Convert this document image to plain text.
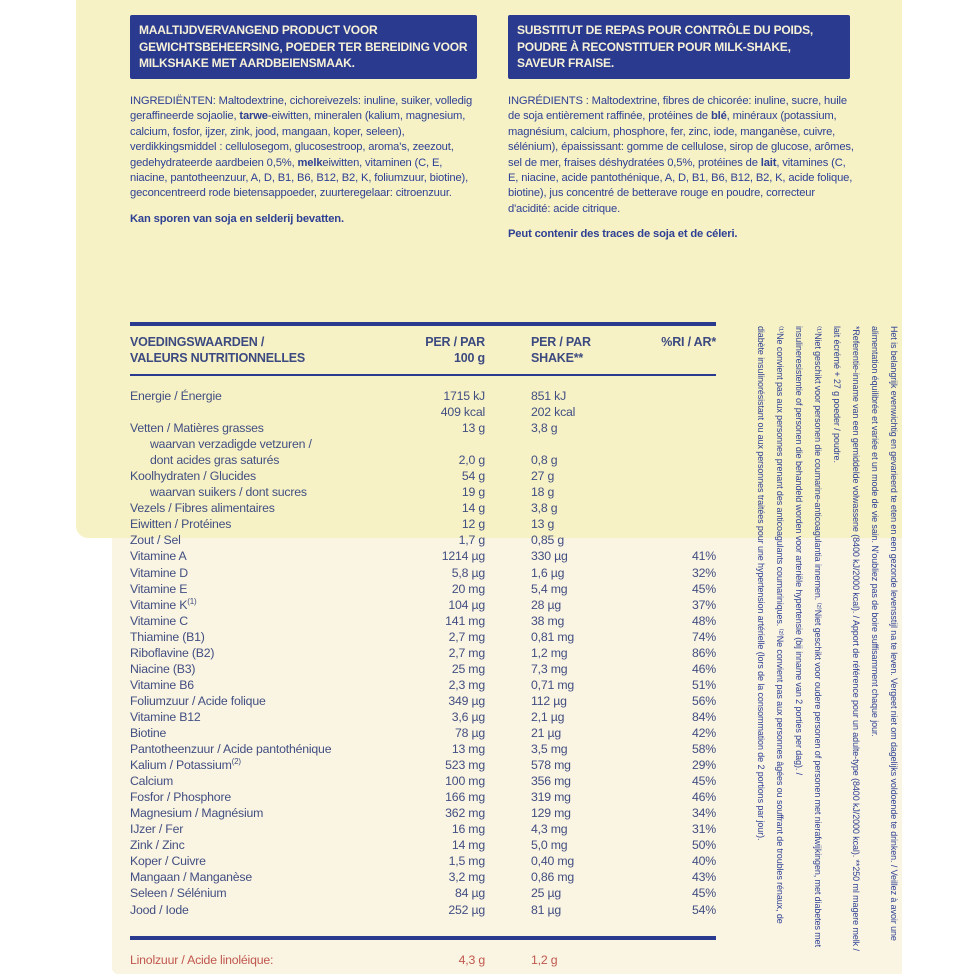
MAALTIJDVERVANGEND PRODUCT VOOR GEWICHTSBEHEERSING, POEDER TER BEREIDING VOOR MILKSHAKE MET AARDBEIENSMAAK.
SUBSTITUT DE REPAS POUR CONTRÔLE DU POIDS, POUDRE À RECONSTITUER POUR MILK-SHAKE, SAVEUR FRAISE.

INGREDIËNTEN: Maltodextrine, cichoreivezels: inuline, suiker, volledig geraffineerde sojaolie, tarwe-eiwitten, mineralen (kalium, magnesium, calcium, fosfor, ijzer, zink, jood, mangaan, koper, seleen), verdikkingsmiddel : cellulosegom, glucosestroop, aroma's, zeezout, gedehydrateerde aardbeien 0,5%, melkeiwitten, vitaminen (C, E, niacine, pantotheenzuur, A, D, B1, B6, B12, B2, K, foliumzuur, biotine), geconcentreerd rode bietensappoeder, zuurteregelaar: citroenzuur.

Kan sporen van soja en selderij bevatten.

INGRÉDIENTS : Maltodextrine, fibres de chicorée: inuline, sucre, huile de soja entièrement raffinée, protéines de blé, minéraux (potassium, magnésium, calcium, phosphore, fer, zinc, iode, manganèse, cuivre, sélénium), épaississant: gomme de cellulose, sirop de glucose, arômes, sel de mer, fraises déshydratées 0,5%, protéines de lait, vitamines (C, E, niacine, acide pantothénique, A, D, B1, B6, B12, B2, K, acide folique, biotine), jus concentré de betterave rouge en poudre, correcteur d'acidité: acide citrique.

Peut contenir des traces de soja et de céleri.

VOEDINGSWAARDEN /
VALEURS NUTRITIONNELLES
PER / PAR
100 g
PER / PAR
SHAKE**
%RI / AR*
Energie / Énergie	1715 kJ	851 kJ
409 kcal	202 kcal
Vetten / Matières grasses	13 g	3,8 g
waarvan verzadigde vetzuren /
dont acides gras saturés	2,0 g	0,8 g
Koolhydraten / Glucides	54 g	27 g
waarvan suikers / dont sucres	19 g	18 g
Vezels / Fibres alimentaires	14 g	3,8 g
Eiwitten / Protéines	12 g	13 g
Zout / Sel	1,7 g	0,85 g
Vitamine A	1214 µg	330 µg	41%
Vitamine D	5,8 µg	1,6 µg	32%
Vitamine E	20 mg	5,4 mg	45%
Vitamine $K^{(1)}$	104 µg	28 µg	37%
Vitamine C	141 mg	38 mg	48%
Thiamine (B1)	2,7 mg	0,81 mg	74%
Riboflavine (B2)	2,7 mg	1,2 mg	86%
Niacine (B3)	25 mg	7,3 mg	46%
Vitamine B6	2,3 mg	0,71 mg	51%
Foliumzuur / Acide folique	349 µg	112 µg	56%
Vitamine B12	3,6 µg	2,1 µg	84%
Biotine	78 µg	21 µg	42%
Pantotheenzuur / Acide pantothénique	13 mg	3,5 mg	58%
Kalium / Potassium$^{(2)}$	523 mg	578 mg	29%
Calcium	100 mg	356 mg	45%
Fosfor / Phosphore	166 mg	319 mg	46%
Magnesium / Magnésium	362 mg	129 mg	34%
IJzer / Fer	16 mg	4,3 mg	31%
Zink / Zinc	14 mg	5,0 mg	50%
Koper / Cuivre	1,5 mg	0,40 mg	40%
Mangaan / Manganèse	3,2 mg	0,86 mg	43%
Seleen / Sélénium	84 µg	25 µg	45%
Jood / Iode	252 µg	81 µg	54%
Linolzuur / Acide linoléique:	4,3 g	1,2 g

Het is belangrijk evenwichtig en gevarieerd te eten en een gezonde levensstijl na te leven. Vergeet niet om dagelijks voldoende te drinken. / Veillez à avoir une alimentation équilibrée et variée et un mode de vie sain. N'oubliez pas de boire suffisamment chaque jour.

*Referentie-inname van een gemiddelde volwassene (8400 kJ/2000 kcal). / Apport de référence pour un adulte-type (8400 kJ/2000 kcal). **250 ml magere melk / lait écrémé + 27 g poeder / poudre.

⁽¹⁾Niet geschikt voor personen die coumarine-anticoagulantia innemen. ⁽²⁾Niet geschikt voor oudere personen of personen met nierafwijkingen, met diabetes met insulineresistentie of personen die behandeld worden voor arteriële hypertensie (bij inname van 2 porties per dag). /

⁽¹⁾Ne convient pas aux personnes prenant des anticoagulants coumariniques. ⁽²⁾Ne convient pas aux personnes âgées ou souffrant de troubles rénaux, de diabète insulinorésistant ou aux personnes traitées pour une hypertension artérielle (lors de la consommation de 2 portions par jour).
